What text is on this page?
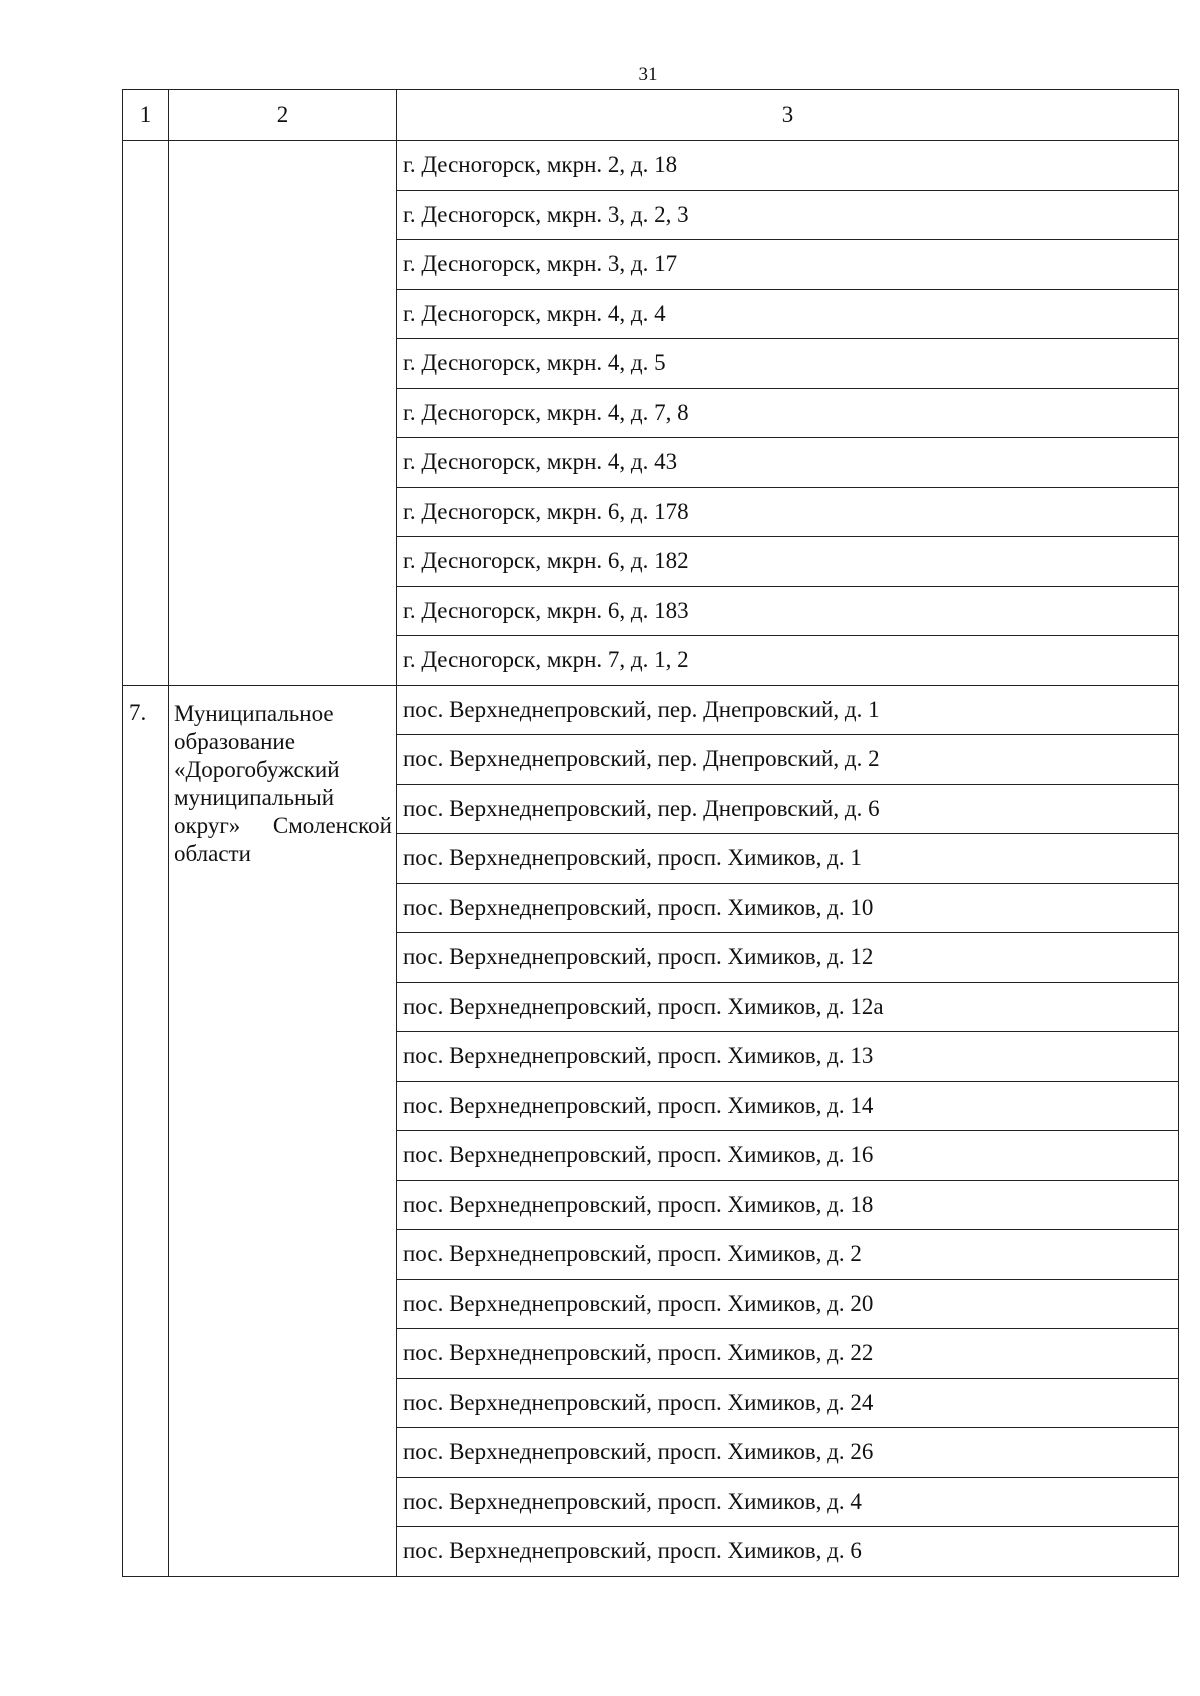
31
1	2	3
		г. Десногорск, мкрн. 2, д. 18
		г. Десногорск, мкрн. 3, д. 2, 3
		г. Десногорск, мкрн. 3, д. 17
		г. Десногорск, мкрн. 4, д. 4
		г. Десногорск, мкрн. 4, д. 5
		г. Десногорск, мкрн. 4, д. 7, 8
		г. Десногорск, мкрн. 4, д. 43
		г. Десногорск, мкрн. 6, д. 178
		г. Десногорск, мкрн. 6, д. 182
		г. Десногорск, мкрн. 6, д. 183
		г. Десногорск, мкрн. 7, д. 1, 2
7.	Муниципальное образование «Дорогобужский муниципальный округ» Смоленской области	пос. Верхнеднепровский, пер. Днепровский, д. 1
		пос. Верхнеднепровский, пер. Днепровский, д. 2
		пос. Верхнеднепровский, пер. Днепровский, д. 6
		пос. Верхнеднепровский, просп. Химиков, д. 1
		пос. Верхнеднепровский, просп. Химиков, д. 10
		пос. Верхнеднепровский, просп. Химиков, д. 12
		пос. Верхнеднепровский, просп. Химиков, д. 12а
		пос. Верхнеднепровский, просп. Химиков, д. 13
		пос. Верхнеднепровский, просп. Химиков, д. 14
		пос. Верхнеднепровский, просп. Химиков, д. 16
		пос. Верхнеднепровский, просп. Химиков, д. 18
		пос. Верхнеднепровский, просп. Химиков, д. 2
		пос. Верхнеднепровский, просп. Химиков, д. 20
		пос. Верхнеднепровский, просп. Химиков, д. 22
		пос. Верхнеднепровский, просп. Химиков, д. 24
		пос. Верхнеднепровский, просп. Химиков, д. 26
		пос. Верхнеднепровский, просп. Химиков, д. 4
		пос. Верхнеднепровский, просп. Химиков, д. 6
